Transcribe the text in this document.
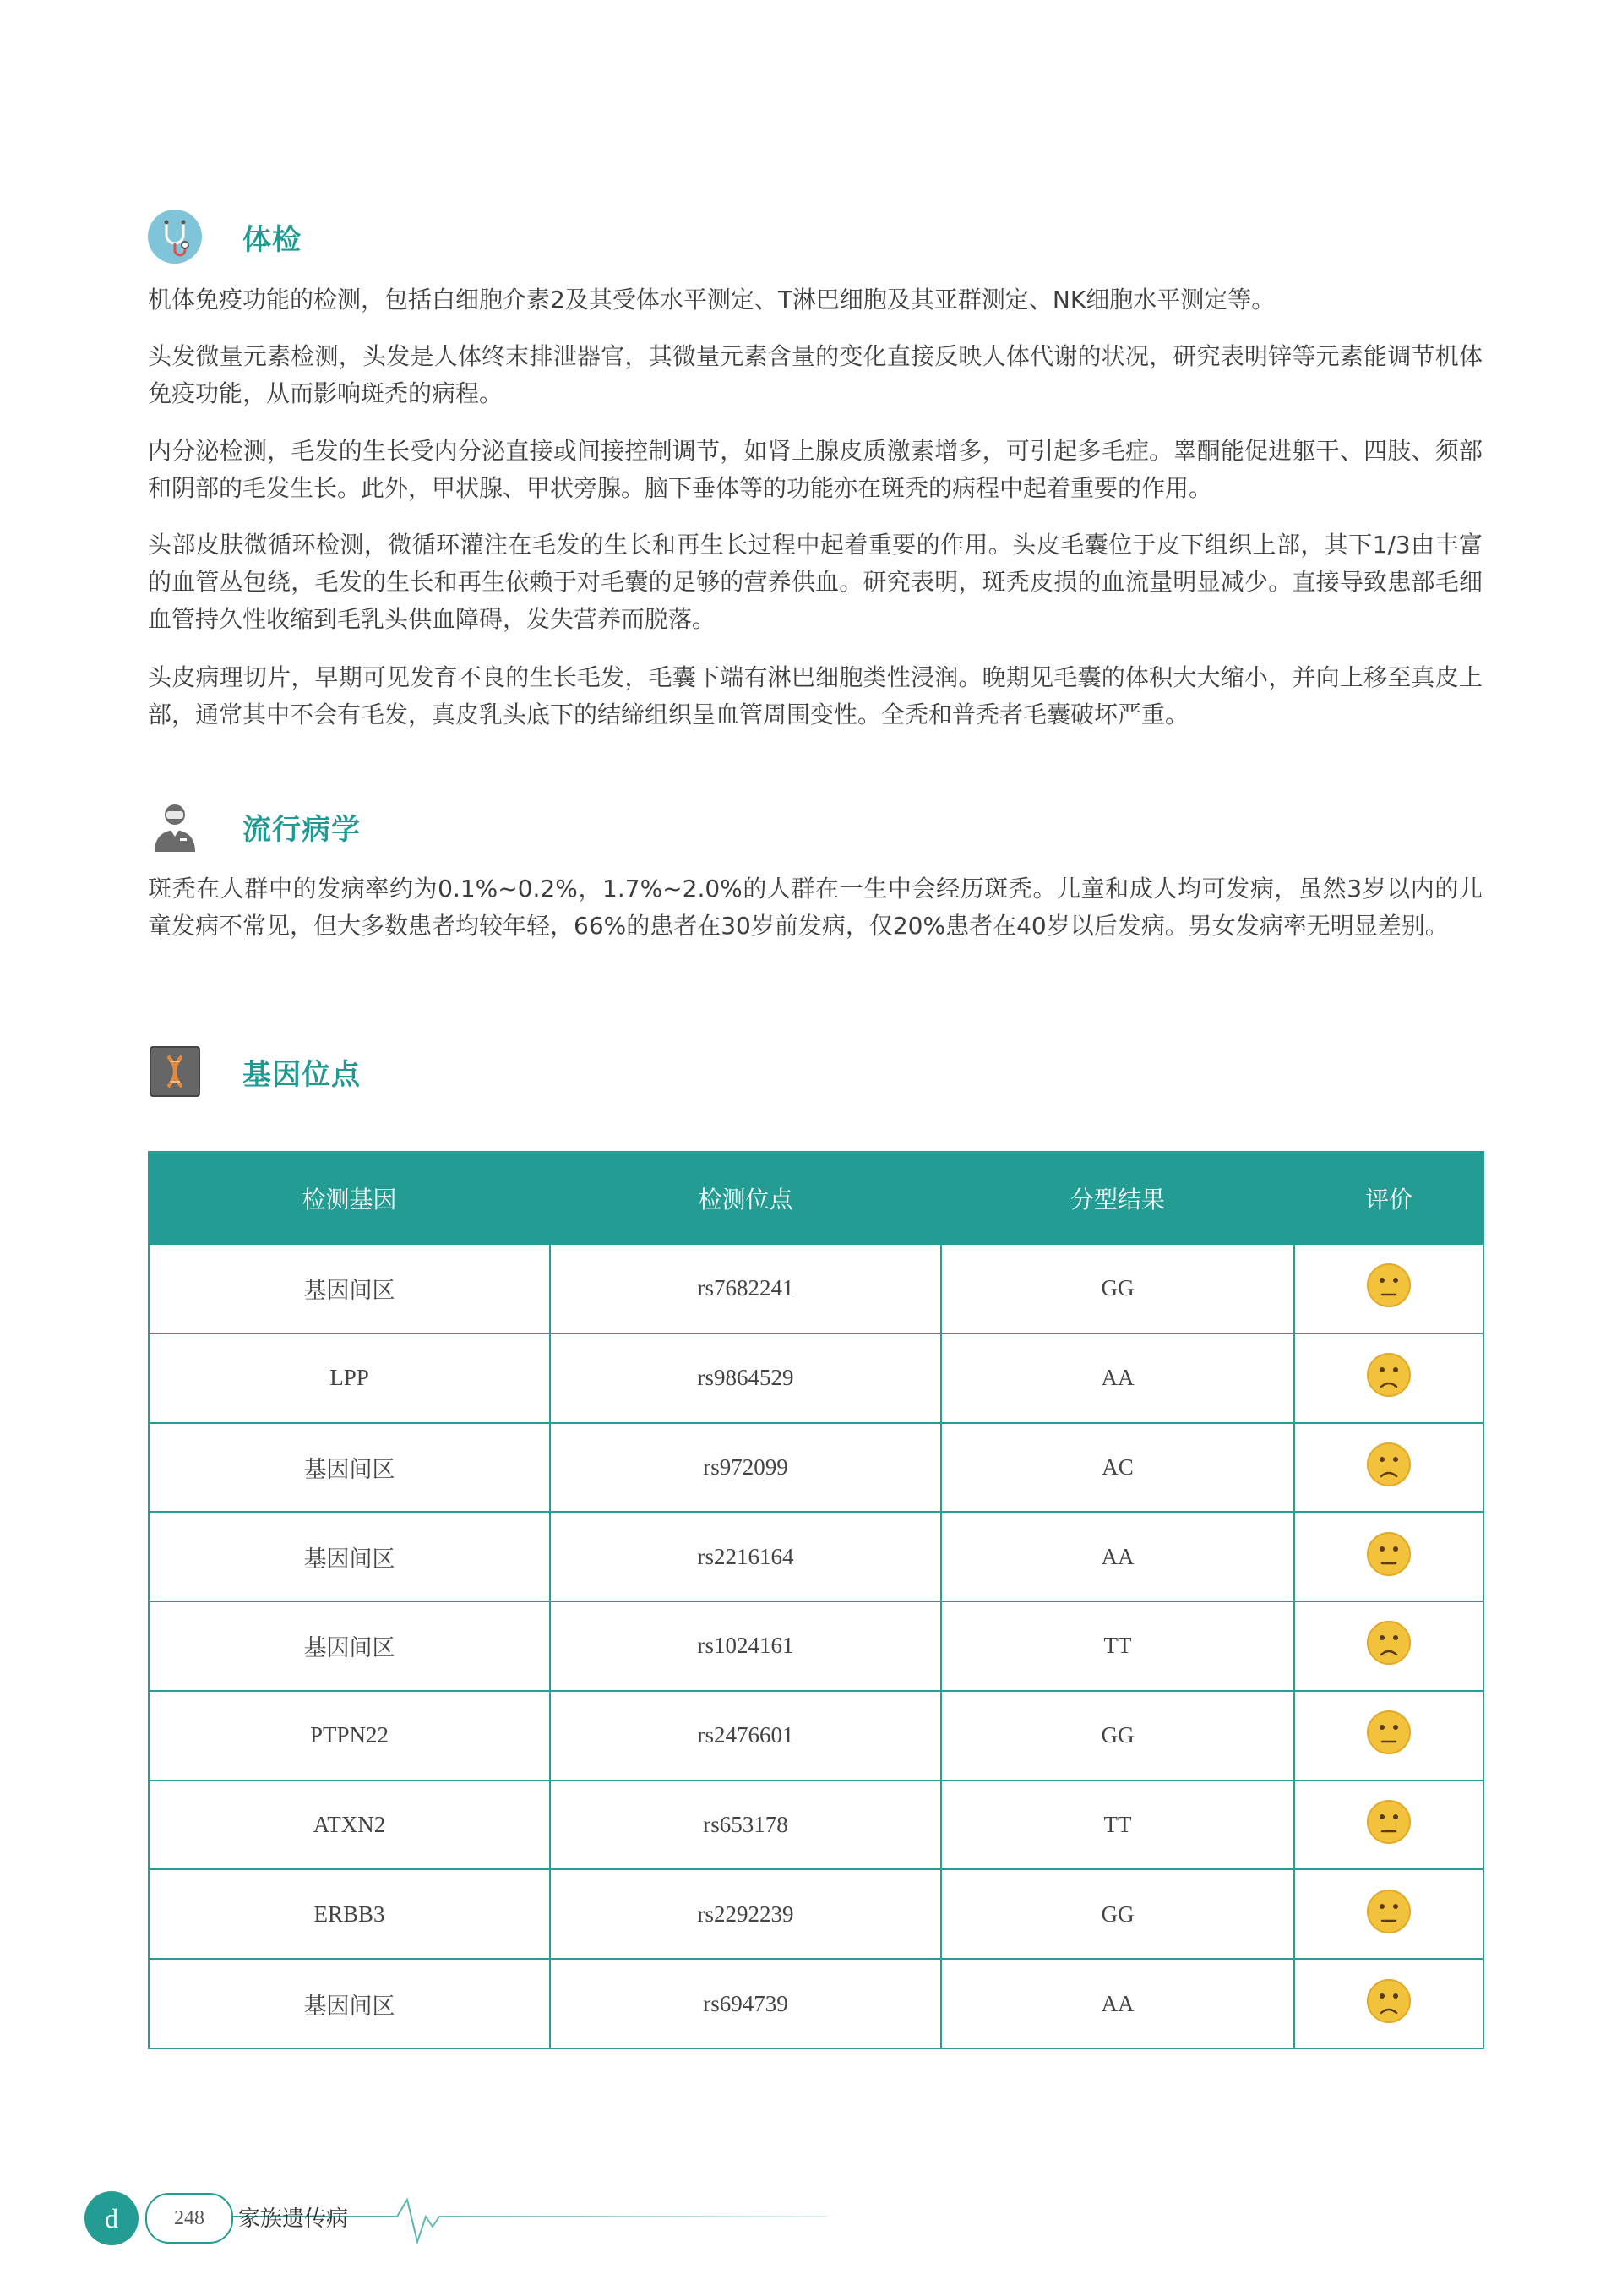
体检

机体免疫功能的检测，包括白细胞介素2及其受体水平测定、T淋巴细胞及其亚群测定、NK细胞水平测定等。

头发微量元素检测，头发是人体终末排泄器官，其微量元素含量的变化直接反映人体代谢的状况，研究表明锌等元素能调节机体免疫功能，从而影响斑秃的病程。

内分泌检测，毛发的生长受内分泌直接或间接控制调节，如肾上腺皮质激素增多，可引起多毛症。睾酮能促进躯干、四肢、须部和阴部的毛发生长。此外，甲状腺、甲状旁腺。脑下垂体等的功能亦在斑秃的病程中起着重要的作用。

头部皮肤微循环检测，微循环灌注在毛发的生长和再生长过程中起着重要的作用。头皮毛囊位于皮下组织上部，其下1/3由丰富的血管丛包绕，毛发的生长和再生依赖于对毛囊的足够的营养供血。研究表明，斑秃皮损的血流量明显减少。直接导致患部毛细血管持久性收缩到毛乳头供血障碍，发失营养而脱落。

头皮病理切片，早期可见发育不良的生长毛发，毛囊下端有淋巴细胞类性浸润。晚期见毛囊的体积大大缩小，并向上移至真皮上部，通常其中不会有毛发，真皮乳头底下的结缔组织呈血管周围变性。全秃和普秃者毛囊破坏严重。

流行病学

斑秃在人群中的发病率约为0.1%~0.2%，1.7%~2.0%的人群在一生中会经历斑秃。儿童和成人均可发病，虽然3岁以内的儿童发病不常见，但大多数患者均较年轻，66%的患者在30岁前发病，仅20%患者在40岁以后发病。男女发病率无明显差别。

基因位点
检测基因	检测位点	分型结果	评价
基因间区	rs7682241	GG	
LPP	rs9864529	AA	
基因间区	rs972099	AC	
基因间区	rs2216164	AA	
基因间区	rs1024161	TT	
PTPN22	rs2476601	GG	
ATXN2	rs653178	TT	
ERBB3	rs2292239	GG	
基因间区	rs694739	AA	
d	248	家族遗传病
